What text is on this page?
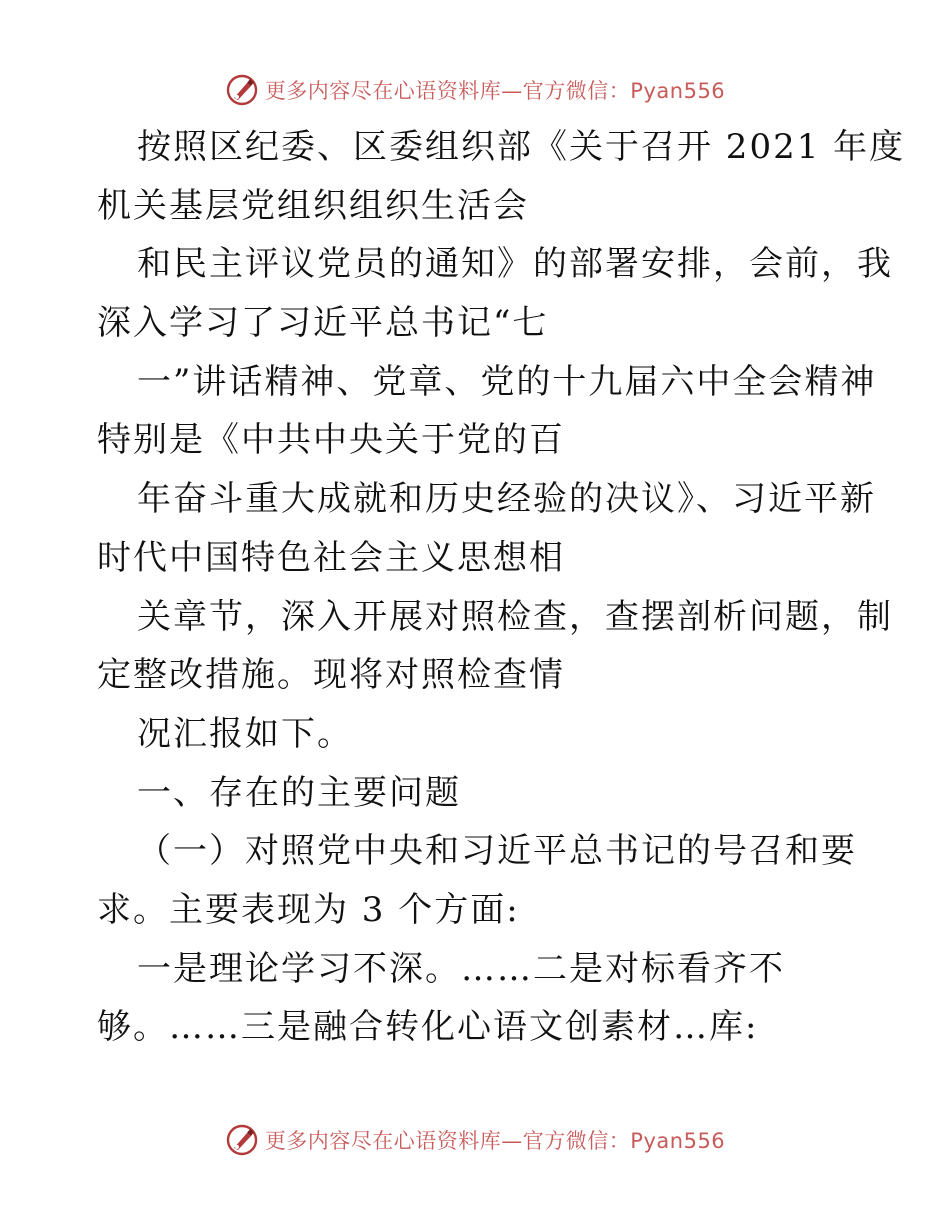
更多内容尽在心语资料库—官方微信：Pyan556
按照区纪委、区委组织部《关于召开 2021 年度
机关基层党组织组织生活会
和民主评议党员的通知》的部署安排，会前，我
深入学习了习近平总书记“七
一”讲话精神、党章、党的十九届六中全会精神
特别是《中共中央关于党的百
年奋斗重大成就和历史经验的决议》、习近平新
时代中国特色社会主义思想相
关章节，深入开展对照检查，查摆剖析问题，制
定整改措施。现将对照检查情
况汇报如下。
一、存在的主要问题
（一）对照党中央和习近平总书记的号召和要
求。主要表现为 3 个方面:
一是理论学习不深。……二是对标看齐不
够。……三是融合转化心语文创素材…库:
更多内容尽在心语资料库—官方微信：Pyan556
